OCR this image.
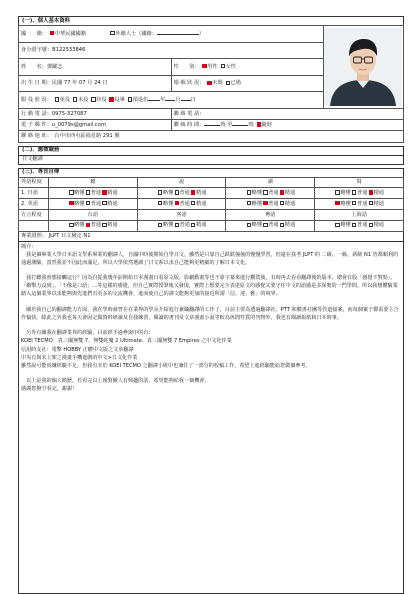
(一)、個人基本資料
國　　籍： 中華民國國籍 外籍人士（國籍： ）	

身分證字號：B122533846		
姓　　名：鄧躍志	性　　別： 男性 女性	
出 生 日 期：民國 77 年 07 月 24 日	婚 姻 狀 況： 未婚 已婚	
服 役 狀 況： 免役 未役 待役 役畢 預退伍 年 月 日		
行 動 電 話：0975-327087	聯 絡 電 話：	
電 子 郵 件：u_0079s@gmail.com	聯 絡 時 間： 時 至 時 隨時	
聯 絡 地 址：　台中市西屯區福星路 291 號		
(二)、應徵職務
日文翻譯
(三)、專長自傳
外語程度	聽	說	讀	寫
1. 日語	略懂 普通 精通	略懂 普通 精通	略懂 普通 精通	略懂 普通 精通
2. 英語	略懂 普通 精通	略懂 普通 精通	略懂 普通 精通	略懂 普通 精通
方言程度	台語	客語	粵語	上海話
	略懂 普通 精通	略懂 普通 精通	略懂 普通 精通	略懂 普通 精通
專業證照： JLPT 日文檢定 N1

簡介：

　我是個畢業大學日本語文學系畢業的翻譯人，自國中時後開始自學日文，雖然是只靠自己跌跌撞撞的慢慢學習，但還在我考 JLPT 的 二級、一級、新制 N1 皆都順利的通過測驗，當然我並不因此而滿足，所以大學依然選讀了日文系以求自己能夠更精細的了解日本文化。

　我打聽我會想接觸這行？因為自從我幾年前開始日本漫畫日看原文版，影劇動畫等也不靠字幕來進行觀賞後，有時再去看看翻譯後的版本，總會有股「感覺不對勁」、「衝擊力沒到」、「不像是口語」...等這樣的感覺，但自己實際授筆後又發現，實際上想要完全表達原文的感覺又要守住中文的語感是多深奧的一門學問。所以我想體驗業踏入這個業界以求能夠與先進們有更多的交流機會，進而使自己的譯文能夠更加的接近所謂「信、達、雅」的境界。

　關於我自己的翻譯能力方面，我在學時就曾在在業界的學長介紹進行兼職翻譯的工作了，目前主要為透過翻譯社、PTT 和臉書社團等管道接案，而每個案子都需要主合作愉快，除此之外我也每天會固定做資料研讀及自我練習，閱讀的書刊及文章漫畫小說等較為休閒性質的刊物外，我也有閱讀報紙和日本時事。

　另外有關我在翻譯業界的經驗，目前經手過參與中的有：

KOEI TECMO：真三國無雙 7、無雙蛇魔 2 Ultimate、真三國無雙 7 Empires 之中文化作業

信用時支社：電擊 HOBBY 正體中文版之文章翻譯

中央有與未上架之漫畫手機遊戲的中文>日文化作業

雖然說可能尚嫌經驗不足，但我有幸於 KOEI TECMO 之翻譯小組中也兼任了一部分的校稿工作，希望上進經驗能給您做個參考。

　以上是我的個人簡歷，若看完以上後對敝人有興趣的話，希望能夠給我一個機會。

感謝您撥空看完，謝謝！
